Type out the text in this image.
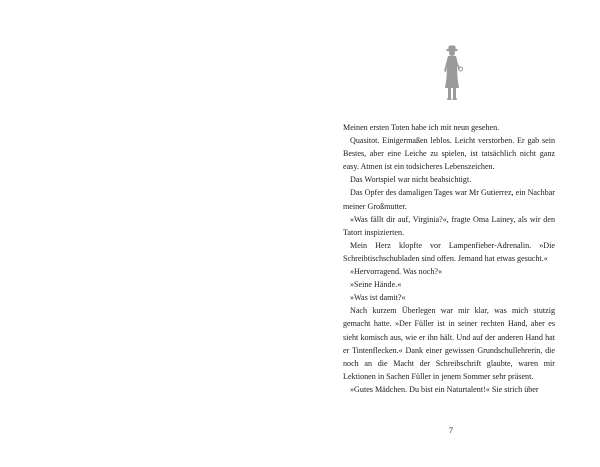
Meinen ersten Toten habe ich mit neun gesehen.

Quasitot. Einigermaßen leblos. Leicht verstorben. Er gab sein Bestes, aber eine Leiche zu spielen, ist tatsächlich nicht ganz easy. Atmen ist ein todsicheres Lebenszeichen.

Das Wortspiel war nicht beabsichtigt.

Das Opfer des damaligen Tages war Mr Gutierrez, ein Nachbar meiner Großmutter.

»Was fällt dir auf, Virginia?«, fragte Oma Lainey, als wir den Tatort inspizierten.

Mein Herz klopfte vor Lampenfieber-Adrenalin. »Die Schreibtischschubladen sind offen. Jemand hat etwas gesucht.«

»Hervorragend. Was noch?«

»Seine Hände.«

»Was ist damit?«

Nach kurzem Überlegen war mir klar, was mich stutzig gemacht hatte. »Der Füller ist in seiner rechten Hand, aber es sieht komisch aus, wie er ihn hält. Und auf der anderen Hand hat er Tintenflecken.« Dank einer gewissen Grundschullehrerin, die noch an die Macht der Schreibschrift glaubte, waren mir Lektionen in Sachen Füller in jenem Sommer sehr präsent.

»Gutes Mädchen. Du bist ein Naturtalent!« Sie strich über

7
